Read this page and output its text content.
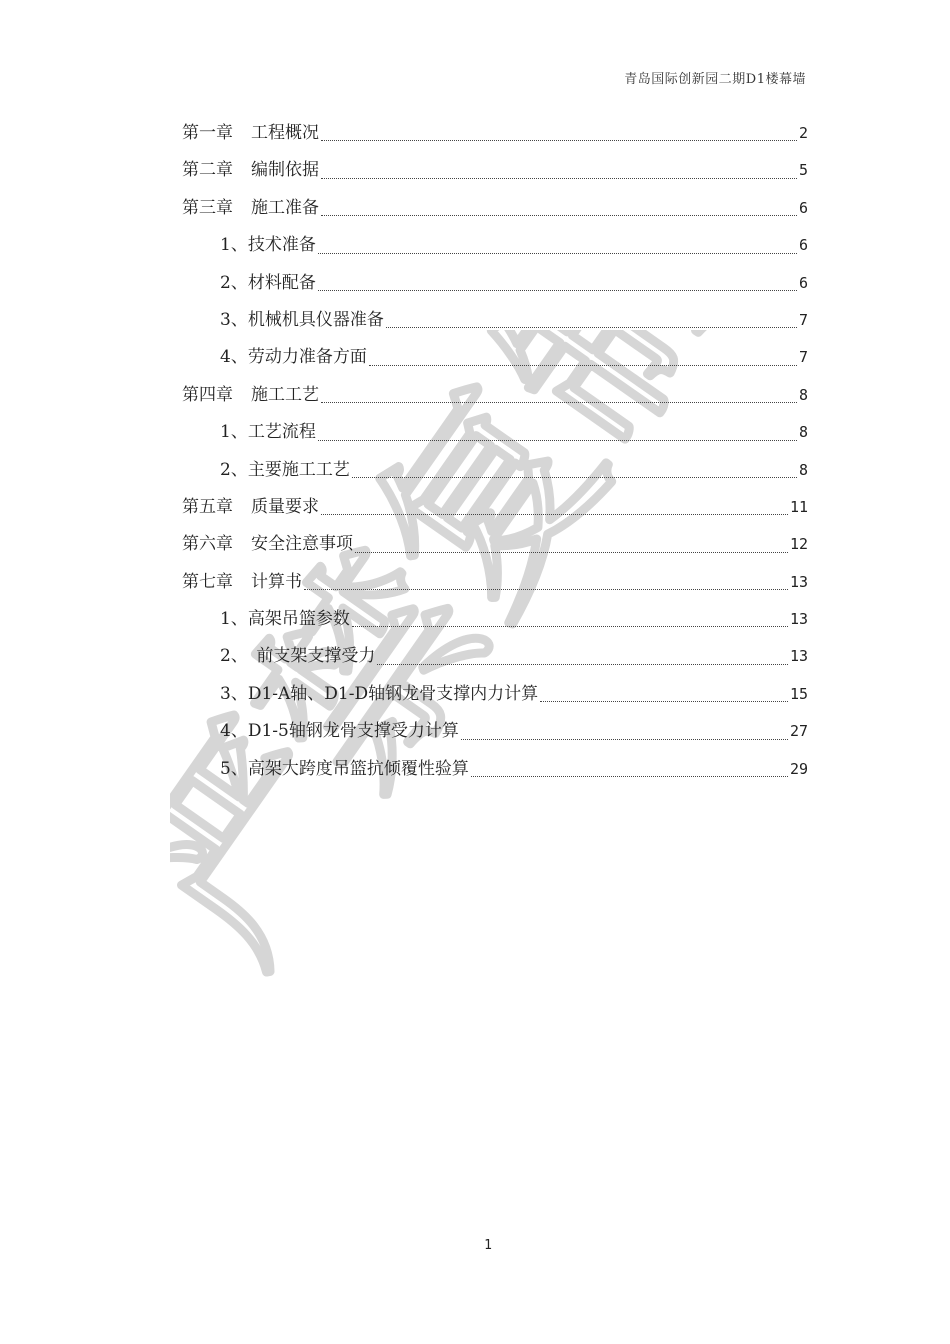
青岛国际创新园二期D1楼幕墙
严禁复制
第一章 工程概况	2
第二章 编制依据	5
第三章 施工准备	6
1、技术准备	6
2、材料配备	6
3、机械机具仪器准备	7
4、劳动力准备方面	7
第四章 施工工艺	8
1、工艺流程	8
2、主要施工工艺	8
第五章 质量要求	11
第六章 安全注意事项	12
第七章 计算书	13
1、高架吊篮参数	13
2、　前支架支撑受力	13
3、D1-A轴、D1-D轴钢龙骨支撑内力计算	15
4、D1-5轴钢龙骨支撑受力计算	27
5、高架大跨度吊篮抗倾覆性验算	29
1
